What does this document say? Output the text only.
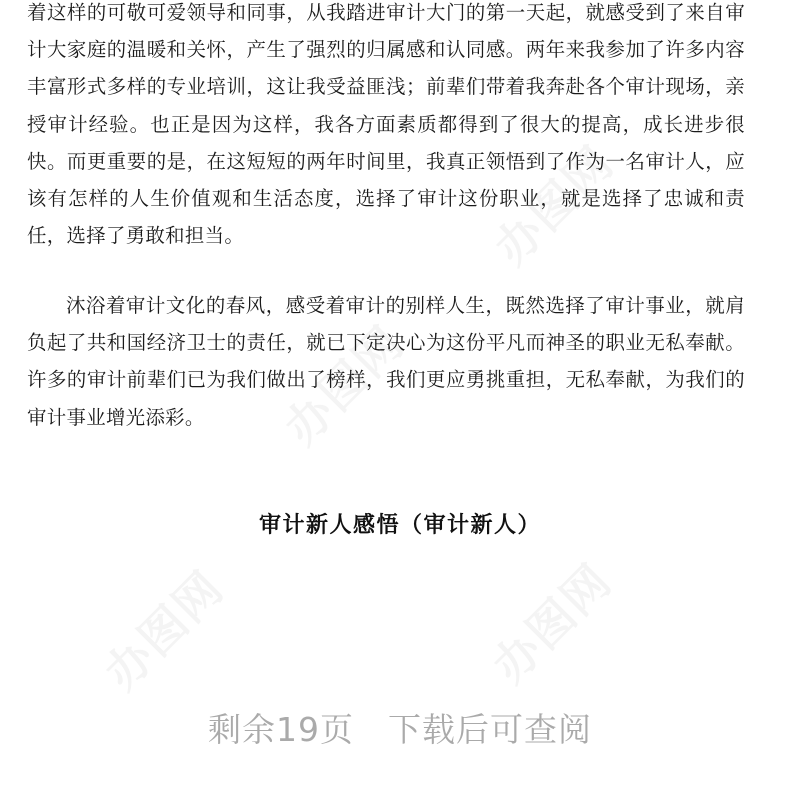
着这样的可敬可爱领导和同事，从我踏进审计大门的第一天起，就感受到了来自审计大家庭的温暖和关怀，产生了强烈的归属感和认同感。两年来我参加了许多内容丰富形式多样的专业培训，这让我受益匪浅；前辈们带着我奔赴各个审计现场，亲授审计经验。也正是因为这样，我各方面素质都得到了很大的提高，成长进步很快。而更重要的是，在这短短的两年时间里，我真正领悟到了作为一名审计人，应该有怎样的人生价值观和生活态度，选择了审计这份职业，就是选择了忠诚和责任，选择了勇敢和担当。

沐浴着审计文化的春风，感受着审计的别样人生，既然选择了审计事业，就肩负起了共和国经济卫士的责任，就已下定决心为这份平凡而神圣的职业无私奉献。许多的审计前辈们已为我们做出了榜样，我们更应勇挑重担，无私奉献，为我们的审计事业增光添彩。

审计新人感悟（审计新人）
剩余19页 下载后可查阅
